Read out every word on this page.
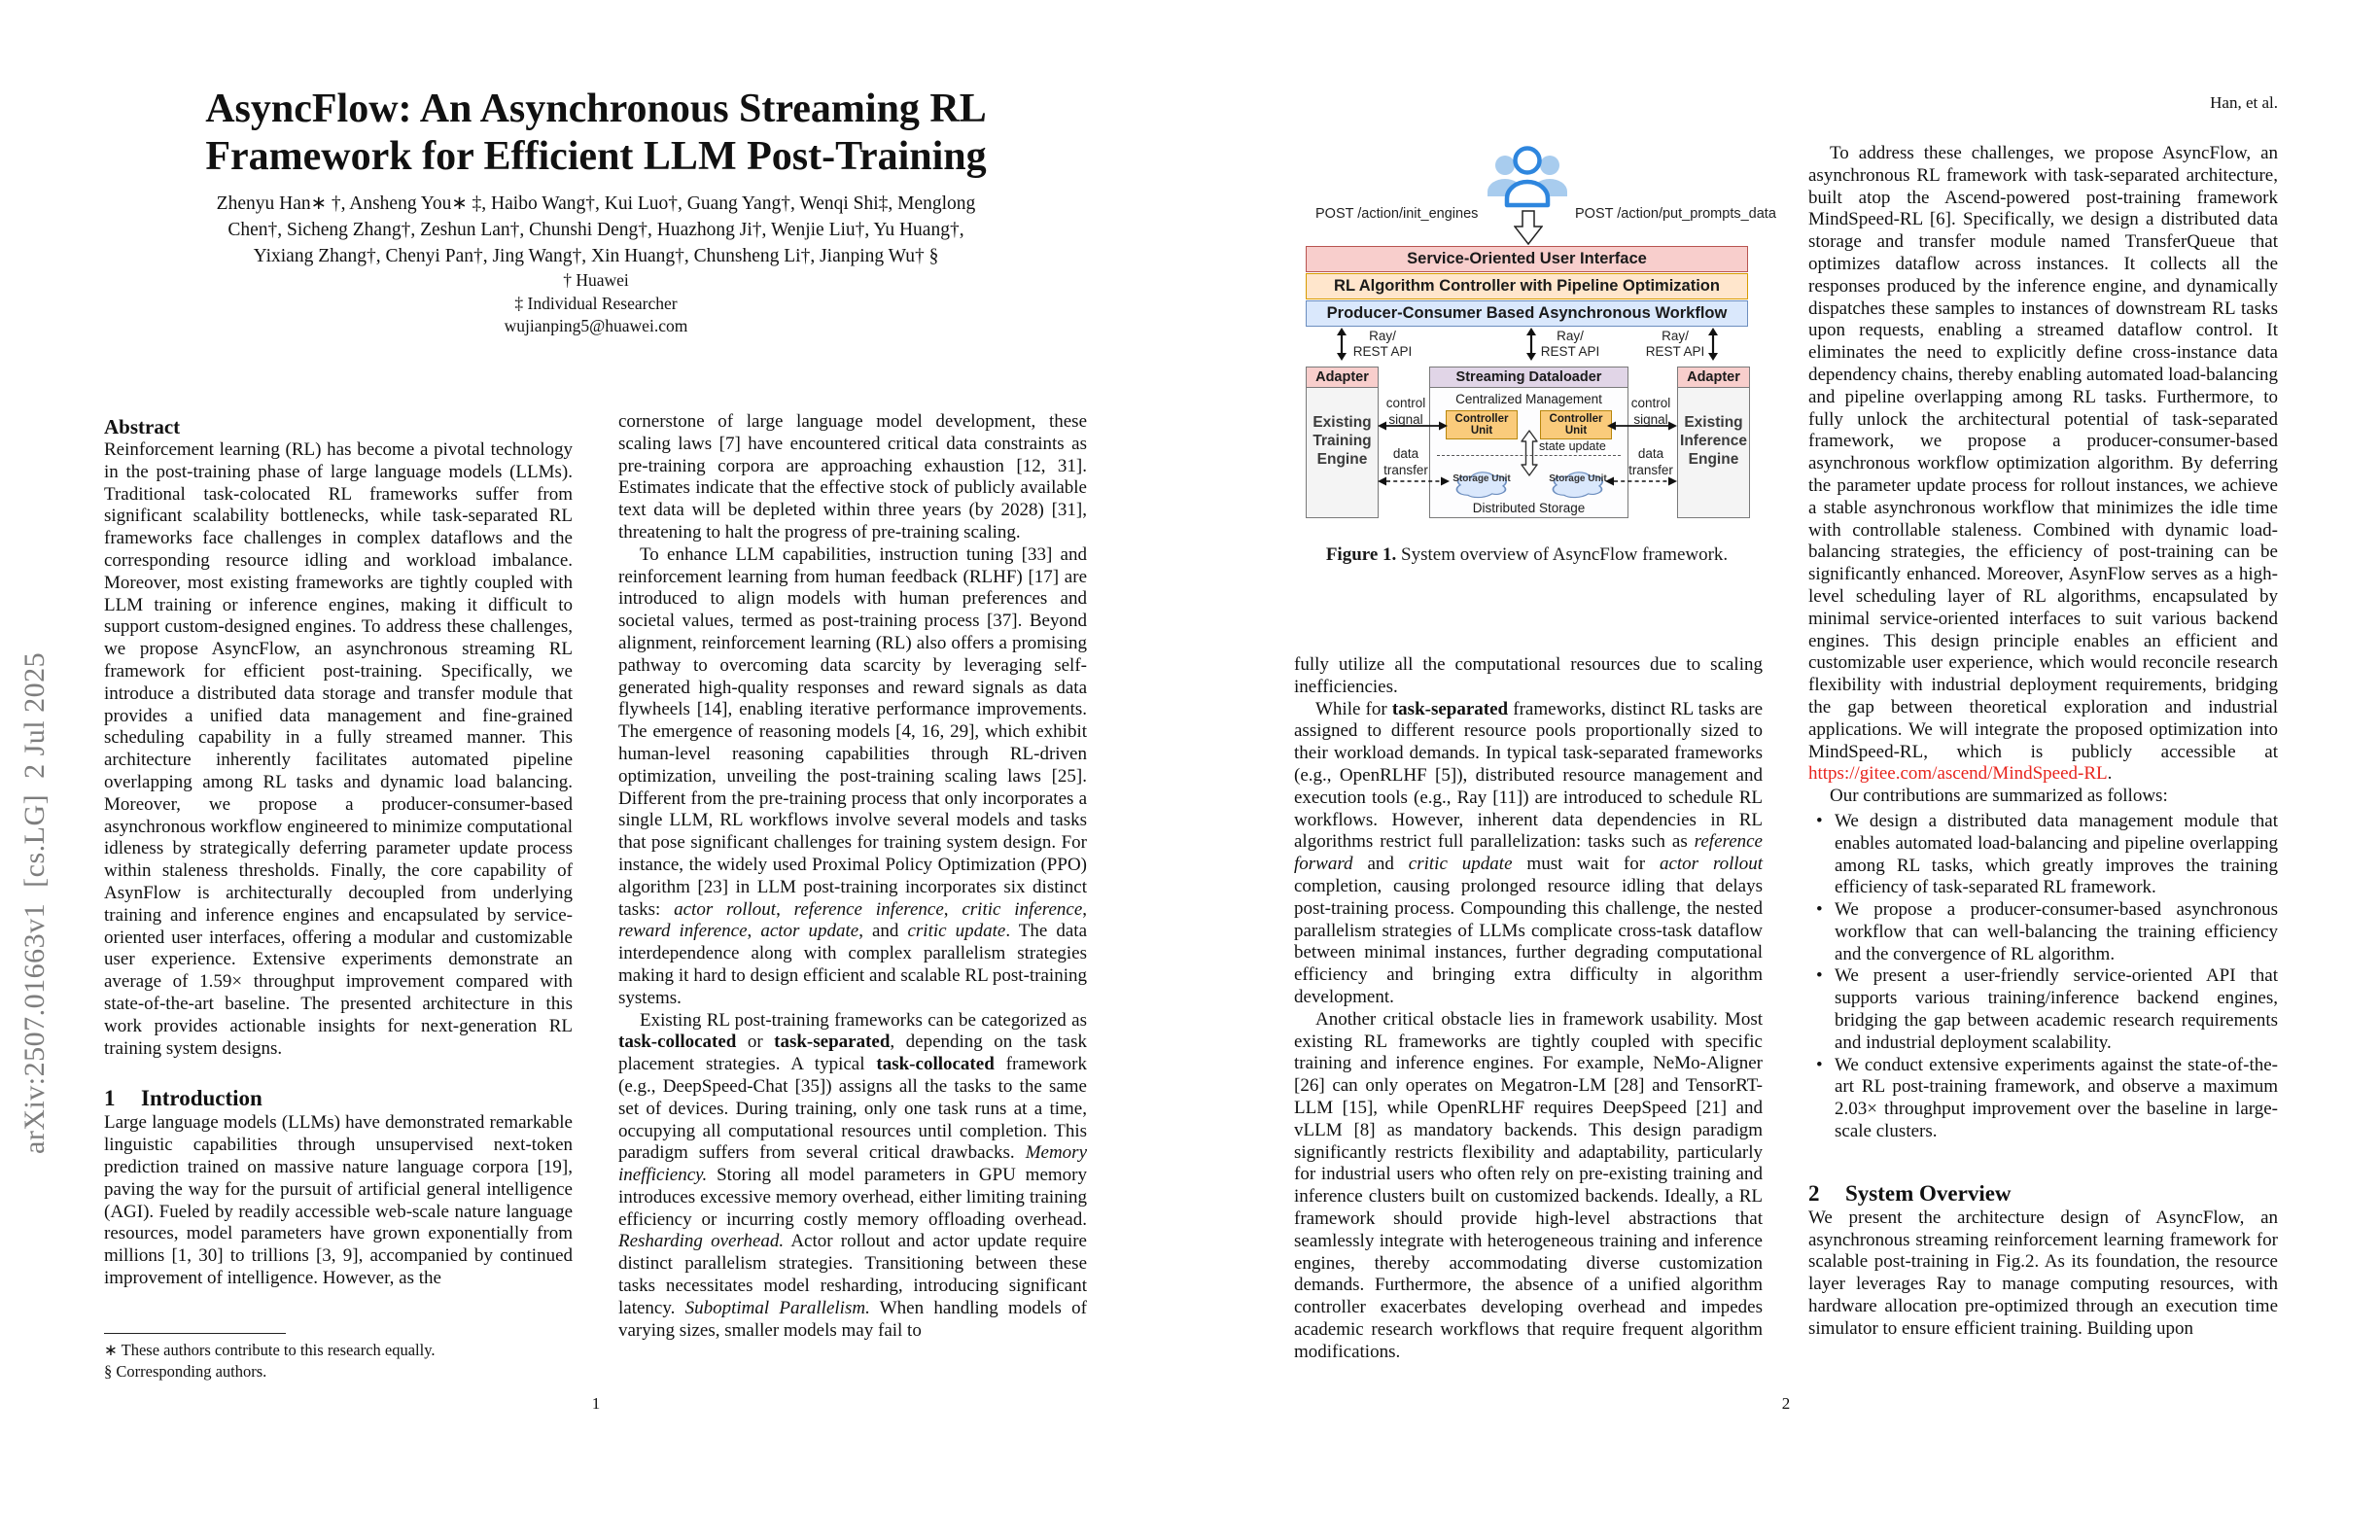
arXiv:2507.01663v1  [cs.LG]  2 Jul 2025
AsyncFlow: An Asynchronous Streaming RL
Framework for Efficient LLM Post-Training
Zhenyu Han∗ †, Ansheng You∗ ‡, Haibo Wang†, Kui Luo†, Guang Yang†, Wenqi Shi‡, Menglong
Chen†, Sicheng Zhang†, Zeshun Lan†, Chunshi Deng†, Huazhong Ji†, Wenjie Liu†, Yu Huang†,
Yixiang Zhang†, Chenyi Pan†, Jing Wang†, Xin Huang†, Chunsheng Li†, Jianping Wu† §
† Huawei
‡ Individual Researcher
wujianping5@huawei.com
Abstract

Reinforcement learning (RL) has become a pivotal technology in the post-training phase of large language models (LLMs). Traditional task-colocated RL frameworks suffer from significant scalability bottlenecks, while task-separated RL frameworks face challenges in complex dataflows and the corresponding resource idling and workload imbalance. Moreover, most existing frameworks are tightly coupled with LLM training or inference engines, making it difficult to support custom-designed engines. To address these challenges, we propose AsyncFlow, an asynchronous streaming RL framework for efficient post-training. Specifically, we introduce a distributed data storage and transfer module that provides a unified data management and fine-grained scheduling capability in a fully streamed manner. This architecture inherently facilitates automated pipeline overlapping among RL tasks and dynamic load balancing. Moreover, we propose a producer-consumer-based asynchronous workflow engineered to minimize computational idleness by strategically deferring parameter update process within staleness thresholds. Finally, the core capability of AsynFlow is architecturally decoupled from underlying training and inference engines and encapsulated by service-oriented user interfaces, offering a modular and customizable user experience. Extensive experiments demonstrate an average of 1.59× throughput improvement compared with state-of-the-art baseline. The presented architecture in this work provides actionable insights for next-generation RL training system designs.

1 Introduction

Large language models (LLMs) have demonstrated remarkable linguistic capabilities through unsupervised next-token prediction trained on massive nature language corpora [19], paving the way for the pursuit of artificial general intelligence (AGI). Fueled by readily accessible web-scale nature language resources, model parameters have grown exponentially from millions [1, 30] to trillions [3, 9], accompanied by continued improvement of intelligence. However, as the

∗ These authors contribute to this research equally.
§ Corresponding authors.

cornerstone of large language model development, these scaling laws [7] have encountered critical data constraints as pre-training corpora are approaching exhaustion [12, 31]. Estimates indicate that the effective stock of publicly available text data will be depleted within three years (by 2028) [31], threatening to halt the progress of pre-training scaling.

To enhance LLM capabilities, instruction tuning [33] and reinforcement learning from human feedback (RLHF) [17] are introduced to align models with human preferences and societal values, termed as post-training process [37]. Beyond alignment, reinforcement learning (RL) also offers a promising pathway to overcoming data scarcity by leveraging self-generated high-quality responses and reward signals as data flywheels [14], enabling iterative performance improvements. The emergence of reasoning models [4, 16, 29], which exhibit human-level reasoning capabilities through RL-driven optimization, unveiling the post-training scaling laws [25]. Different from the pre-training process that only incorporates a single LLM, RL workflows involve several models and tasks that pose significant challenges for training system design. For instance, the widely used Proximal Policy Optimization (PPO) algorithm [23] in LLM post-training incorporates six distinct tasks: actor rollout, reference inference, critic inference, reward inference, actor update, and critic update. The data interdependence along with complex parallelism strategies making it hard to design efficient and scalable RL post-training systems.

Existing RL post-training frameworks can be categorized as task-collocated or task-separated, depending on the task placement strategies. A typical task-collocated framework (e.g., DeepSpeed-Chat [35]) assigns all the tasks to the same set of devices. During training, only one task runs at a time, occupying all computational resources until completion. This paradigm suffers from several critical drawbacks. Memory inefficiency. Storing all model parameters in GPU memory introduces excessive memory overhead, either limiting training efficiency or incurring costly memory offloading overhead. Resharding overhead. Actor rollout and actor update require distinct parallelism strategies. Transitioning between these tasks necessitates model resharding, introducing significant latency. Suboptimal Parallelism. When handling models of varying sizes, smaller models may fail to

1
Han, et al.
POST /action/init_engines	POST /action/put_prompts_data
Service-Oriented User Interface
RL Algorithm Controller with Pipeline Optimization
Producer-Consumer Based Asynchronous Workflow
Ray/
REST API
Ray/
REST API
Ray/
REST API
Adapter
Existing Training Engine
Streaming Dataloader
Centralized Management
Controller Unit
Controller Unit
state update
Storage Unit	Storage Unit
Distributed Storage
Adapter
Existing Inference Engine
control signal
data transfer
control signal
data transfer
Figure 1. System overview of AsyncFlow framework.

fully utilize all the computational resources due to scaling inefficiencies.

While for task-separated frameworks, distinct RL tasks are assigned to different resource pools proportionally sized to their workload demands. In typical task-separated frameworks (e.g., OpenRLHF [5]), distributed resource management and execution tools (e.g., Ray [11]) are introduced to schedule RL workflows. However, inherent data dependencies in RL algorithms restrict full parallelization: tasks such as reference forward and critic update must wait for actor rollout completion, causing prolonged resource idling that delays post-training process. Compounding this challenge, the nested parallelism strategies of LLMs complicate cross-task dataflow between minimal instances, further degrading computational efficiency and bringing extra difficulty in algorithm development.

Another critical obstacle lies in framework usability. Most existing RL frameworks are tightly coupled with specific training and inference engines. For example, NeMo-Aligner [26] can only operates on Megatron-LM [28] and TensorRT-LLM [15], while OpenRLHF requires DeepSpeed [21] and vLLM [8] as mandatory backends. This design paradigm significantly restricts flexibility and adaptability, particularly for industrial users who often rely on pre-existing training and inference clusters built on customized backends. Ideally, a RL framework should provide high-level abstractions that seamlessly integrate with heterogeneous training and inference engines, thereby accommodating diverse customization demands. Furthermore, the absence of a unified algorithm controller exacerbates developing overhead and impedes academic research workflows that require frequent algorithm modifications.

To address these challenges, we propose AsyncFlow, an asynchronous RL framework with task-separated architecture, built atop the Ascend-powered post-training framework MindSpeed-RL [6]. Specifically, we design a distributed data storage and transfer module named TransferQueue that optimizes dataflow across instances. It collects all the responses produced by the inference engine, and dynamically dispatches these samples to instances of downstream RL tasks upon requests, enabling a streamed dataflow control. It eliminates the need to explicitly define cross-instance data dependency chains, thereby enabling automated load-balancing and pipeline overlapping among RL tasks. Furthermore, to fully unlock the architectural potential of task-separated framework, we propose a producer-consumer-based asynchronous workflow optimization algorithm. By deferring the parameter update process for rollout instances, we achieve a stable asynchronous workflow that minimizes the idle time with controllable staleness. Combined with dynamic load-balancing strategies, the efficiency of post-training can be significantly enhanced. Moreover, AsynFlow serves as a high-level scheduling layer of RL algorithms, encapsulated by minimal service-oriented interfaces to suit various backend engines. This design principle enables an efficient and customizable user experience, which would reconcile research flexibility with industrial deployment requirements, bridging the gap between theoretical exploration and industrial applications. We will integrate the proposed optimization into MindSpeed-RL, which is publicly accessible at https://gitee.com/ascend/MindSpeed-RL.

Our contributions are summarized as follows:

• We design a distributed data management module that enables automated load-balancing and pipeline overlapping among RL tasks, which greatly improves the training efficiency of task-separated RL framework.
• We propose a producer-consumer-based asynchronous workflow that can well-balancing the training efficiency and the convergence of RL algorithm.
• We present a user-friendly service-oriented API that supports various training/inference backend engines, bridging the gap between academic research requirements and industrial deployment scalability.
• We conduct extensive experiments against the state-of-the-art RL post-training framework, and observe a maximum 2.03× throughput improvement over the baseline in large-scale clusters.
2 System Overview

We present the architecture design of AsyncFlow, an asynchronous streaming reinforcement learning framework for scalable post-training in Fig.2. As its foundation, the resource layer leverages Ray to manage computing resources, with hardware allocation pre-optimized through an execution time simulator to ensure efficient training. Building upon

2
